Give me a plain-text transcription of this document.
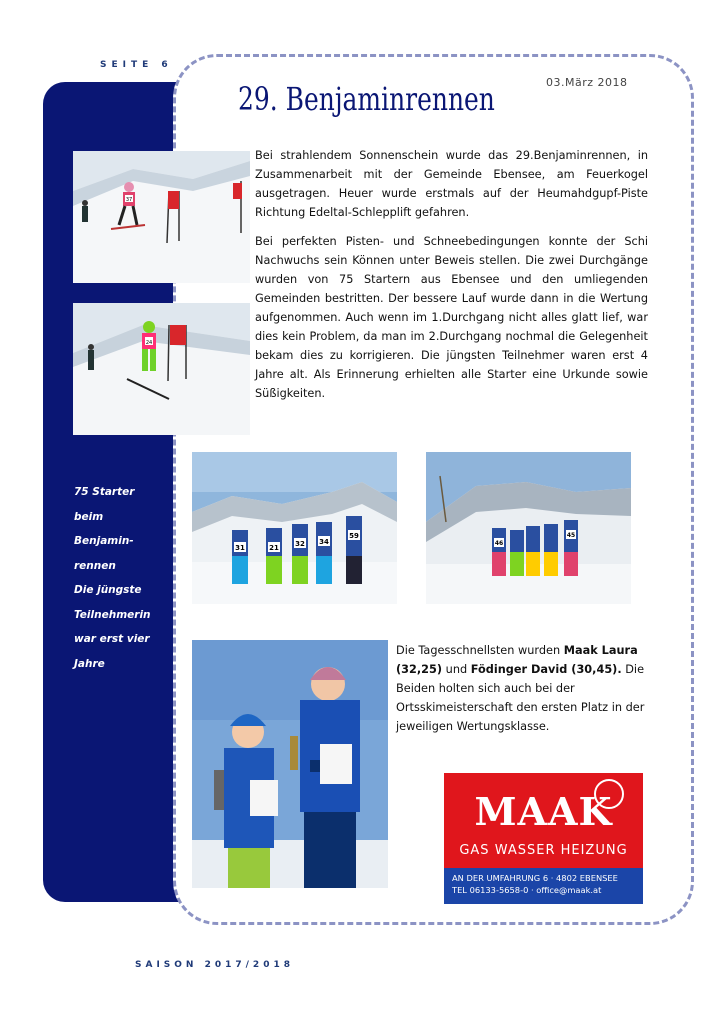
SEITE 6
75 Starter
beim
Benjamin-
rennen
Die jüngste
Teilnehmerin
war erst vier
Jahre
29. Benjaminrennen	03.März 2018
Bei strahlendem Sonnenschein wurde das 29.Benjaminrennen, in Zusammenarbeit mit der Gemeinde Ebensee, am Feuerkogel ausgetragen. Heuer wurde erstmals auf der Heumahdgupf-Piste Richtung Edeltal-Schlepplift gefahren.
Bei perfekten Pisten- und Schneebedingungen konnte der Schi Nachwuchs sein Können unter Beweis stellen. Die zwei Durchgänge wurden von 75 Startern aus Ebensee und den umliegenden Gemeinden bestritten. Der bessere Lauf wurde dann in die Wertung aufgenommen. Auch wenn im 1.Durchgang nicht alles glatt lief, war dies kein Problem, da man im 2.Durchgang nochmal die Gelegenheit bekam dies zu korrigieren. Die jüngsten Teilnehmer waren erst 4 Jahre alt. Als Erinnerung erhielten alle Starter eine Urkunde sowie Süßigkeiten.
37
24
31	21 32 34
59
46
45
Die Tagesschnellsten wurden Maak Laura (32,25) und Födinger David (30,45). Die Beiden holten sich auch bei der Ortsskimeisterschaft den ersten Platz in der jeweiligen Wertungsklasse.
MAAK
GAS WASSER HEIZUNG
AN DER UMFAHRUNG 6 · 4802 EBENSEE
TEL 06133-5658-0 · office@maak.at
SAISON 2017/2018
